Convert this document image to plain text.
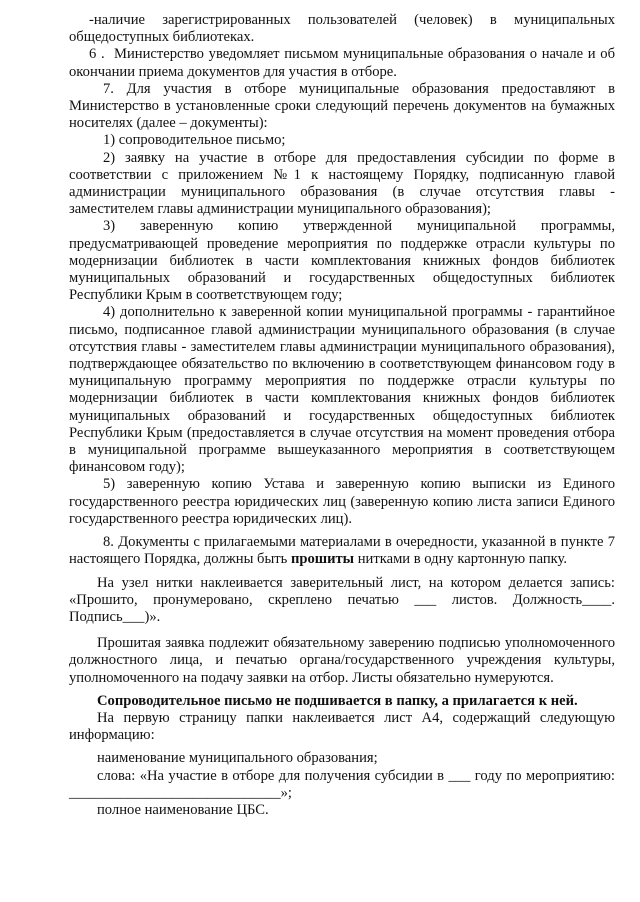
-наличие зарегистрированных пользователей (человек) в муниципальных общедоступных библиотеках.

6 .  Министерство уведомляет письмом муниципальные образования о начале и об окончании приема документов для участия в отборе.

7. Для участия в отборе муниципальные образования предоставляют в Министерство в установленные сроки следующий перечень документов на бумажных носителях (далее – документы):

1) сопроводительное письмо;

2) заявку на участие в отборе для предоставления субсидии по форме в соответствии с приложением №1 к настоящему Порядку, подписанную главой администрации муниципального образования (в случае отсутствия главы - заместителем главы администрации муниципального образования);

3) заверенную копию утвержденной муниципальной программы, предусматривающей проведение мероприятия по поддержке отрасли культуры по модернизации библиотек в части комплектования книжных фондов библиотек муниципальных образований и государственных общедоступных библиотек Республики Крым в соответствующем году;

4) дополнительно к заверенной копии муниципальной программы - гарантийное письмо, подписанное главой администрации муниципального образования (в случае отсутствия главы - заместителем главы администрации муниципального образования), подтверждающее обязательство по включению в соответствующем финансовом году в муниципальную программу мероприятия по поддержке отрасли культуры по модернизации библиотек в части комплектования книжных фондов библиотек муниципальных образований и государственных общедоступных библиотек Республики Крым (предоставляется в случае отсутствия на момент проведения отбора в муниципальной программе вышеуказанного мероприятия в соответствующем финансовом году);

5) заверенную копию Устава и заверенную копию выписки из Единого государственного реестра юридических лиц (заверенную копию листа записи Единого государственного реестра юридических лиц).

8. Документы с прилагаемыми материалами в очередности, указанной в пункте 7 настоящего Порядка, должны быть прошиты нитками в одну картонную папку.

На узел нитки наклеивается заверительный лист, на котором делается запись: «Прошито, пронумеровано, скреплено печатью ___ листов. Должность____. Подпись___)».

Прошитая заявка подлежит обязательному заверению подписью уполномоченного должностного лица, и печатью органа/государственного учреждения культуры, уполномоченного на подачу заявки на отбор. Листы обязательно нумеруются.

Сопроводительное письмо не подшивается в папку, а прилагается к ней.

На первую страницу папки наклеивается лист А4, содержащий следующую информацию:

наименование муниципального образования;

слова: «На участие в отборе для получения субсидии в ___ году по мероприятию: _____________________________»;

полное наименование ЦБС.
